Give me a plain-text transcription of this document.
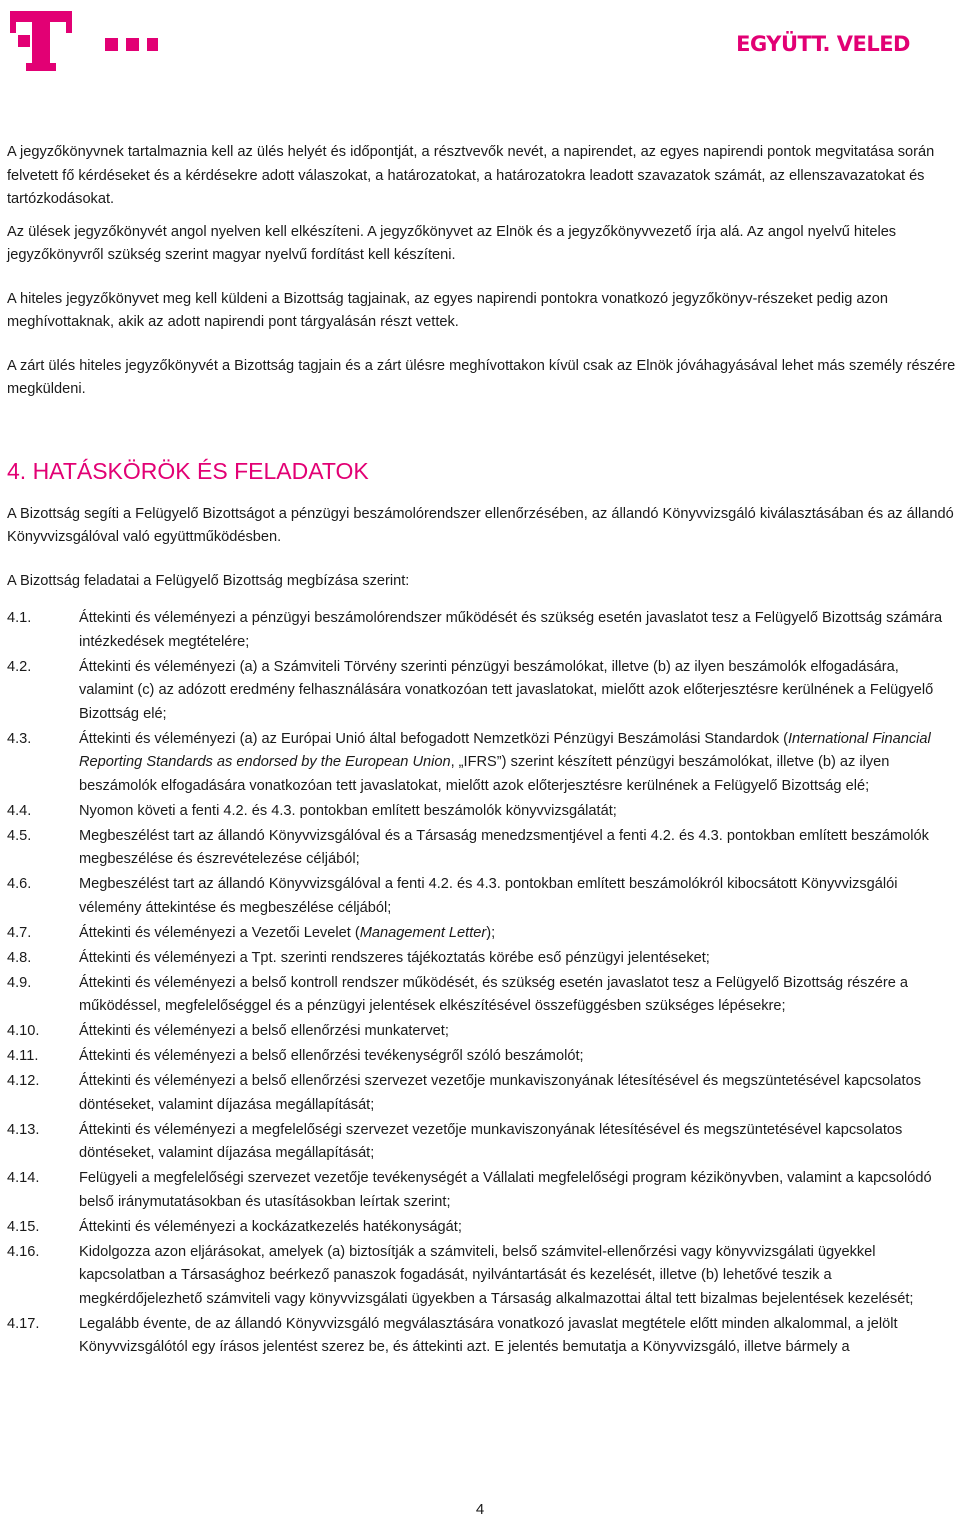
EGYÜTT. VELED

A jegyzőkönyvnek tartalmaznia kell az ülés helyét és időpontját, a résztvevők nevét, a napirendet, az egyes napirendi pontok megvitatása során felvetett fő kérdéseket és a kérdésekre adott válaszokat, a határozatokat, a határozatokra leadott szavazatok számát, az ellenszavazatokat és tartózkodásokat.

Az ülések jegyzőkönyvét angol nyelven kell elkészíteni. A jegyzőkönyvet az Elnök és a jegyzőkönyvvezető írja alá. Az angol nyelvű hiteles jegyzőkönyvről szükség szerint magyar nyelvű fordítást kell készíteni.

A hiteles jegyzőkönyvet meg kell küldeni a Bizottság tagjainak, az egyes napirendi pontokra vonatkozó jegyzőkönyv-részeket pedig azon meghívottaknak, akik az adott napirendi pont tárgyalásán részt vettek.

A zárt ülés hiteles jegyzőkönyvét a Bizottság tagjain és a zárt ülésre meghívottakon kívül csak az Elnök jóváhagyásával lehet más személy részére megküldeni.

4. HATÁSKÖRÖK ÉS FELADATOK

A Bizottság segíti a Felügyelő Bizottságot a pénzügyi beszámolórendszer ellenőrzésében, az állandó Könyvvizsgáló kiválasztásában és az állandó Könyvvizsgálóval való együttműködésben.

A Bizottság feladatai a Felügyelő Bizottság megbízása szerint:

4.1.	Áttekinti és véleményezi a pénzügyi beszámolórendszer működését és szükség esetén javaslatot tesz a Felügyelő Bizottság számára intézkedések megtételére;
4.2.	Áttekinti és véleményezi (a) a Számviteli Törvény szerinti pénzügyi beszámolókat, illetve (b) az ilyen beszámolók elfogadására, valamint (c) az adózott eredmény felhasználására vonatkozóan tett javaslatokat, mielőtt azok előterjesztésre kerülnének a Felügyelő Bizottság elé;
4.3.	Áttekinti és véleményezi (a) az Európai Unió által befogadott Nemzetközi Pénzügyi Beszámolási Standardok (International Financial Reporting Standards as endorsed by the European Union, „IFRS”) szerint készített pénzügyi beszámolókat, illetve (b) az ilyen beszámolók elfogadására vonatkozóan tett javaslatokat, mielőtt azok előterjesztésre kerülnének a Felügyelő Bizottság elé;
4.4.	Nyomon követi a fenti 4.2. és 4.3. pontokban említett beszámolók könyvvizsgálatát;
4.5.	Megbeszélést tart az állandó Könyvvizsgálóval és a Társaság menedzsmentjével a fenti 4.2. és 4.3. pontokban említett beszámolók megbeszélése és észrevételezése céljából;
4.6.	Megbeszélést tart az állandó Könyvvizsgálóval a fenti 4.2. és 4.3. pontokban említett beszámolókról kibocsátott Könyvvizsgálói vélemény áttekintése és megbeszélése céljából;
4.7.	Áttekinti és véleményezi a Vezetői Levelet (Management Letter);
4.8.	Áttekinti és véleményezi a Tpt. szerinti rendszeres tájékoztatás körébe eső pénzügyi jelentéseket;
4.9.	Áttekinti és véleményezi a belső kontroll rendszer működését, és szükség esetén javaslatot tesz a Felügyelő Bizottság részére a működéssel, megfelelőséggel és a pénzügyi jelentések elkészítésével összefüggésben szükséges lépésekre;
4.10.	Áttekinti és véleményezi a belső ellenőrzési munkatervet;
4.11.	Áttekinti és véleményezi a belső ellenőrzési tevékenységről szóló beszámolót;
4.12.	Áttekinti és véleményezi a belső ellenőrzési szervezet vezetője munkaviszonyának létesítésével és megszüntetésével kapcsolatos döntéseket, valamint díjazása megállapítását;
4.13.	Áttekinti és véleményezi a megfelelőségi szervezet vezetője munkaviszonyának létesítésével és megszüntetésével kapcsolatos döntéseket, valamint díjazása megállapítását;
4.14.	Felügyeli a megfelelőségi szervezet vezetője tevékenységét a Vállalati megfelelőségi program kézikönyvben, valamint a kapcsolódó belső iránymutatásokban és utasításokban leírtak szerint;
4.15.	Áttekinti és véleményezi a kockázatkezelés hatékonyságát;
4.16.	Kidolgozza azon eljárásokat, amelyek (a) biztosítják a számviteli, belső számvitel-ellenőrzési vagy könyvvizsgálati ügyekkel kapcsolatban a Társasághoz beérkező panaszok fogadását, nyilvántartását és kezelését, illetve (b) lehetővé teszik a megkérdőjelezhető számviteli vagy könyvvizsgálati ügyekben a Társaság alkalmazottai által tett bizalmas bejelentések kezelését;
4.17.	Legalább évente, de az állandó Könyvvizsgáló megválasztására vonatkozó javaslat megtétele előtt minden alkalommal, a jelölt Könyvvizsgálótól egy írásos jelentést szerez be, és áttekinti azt. E jelentés bemutatja a Könyvvizsgáló, illetve bármely a
4
